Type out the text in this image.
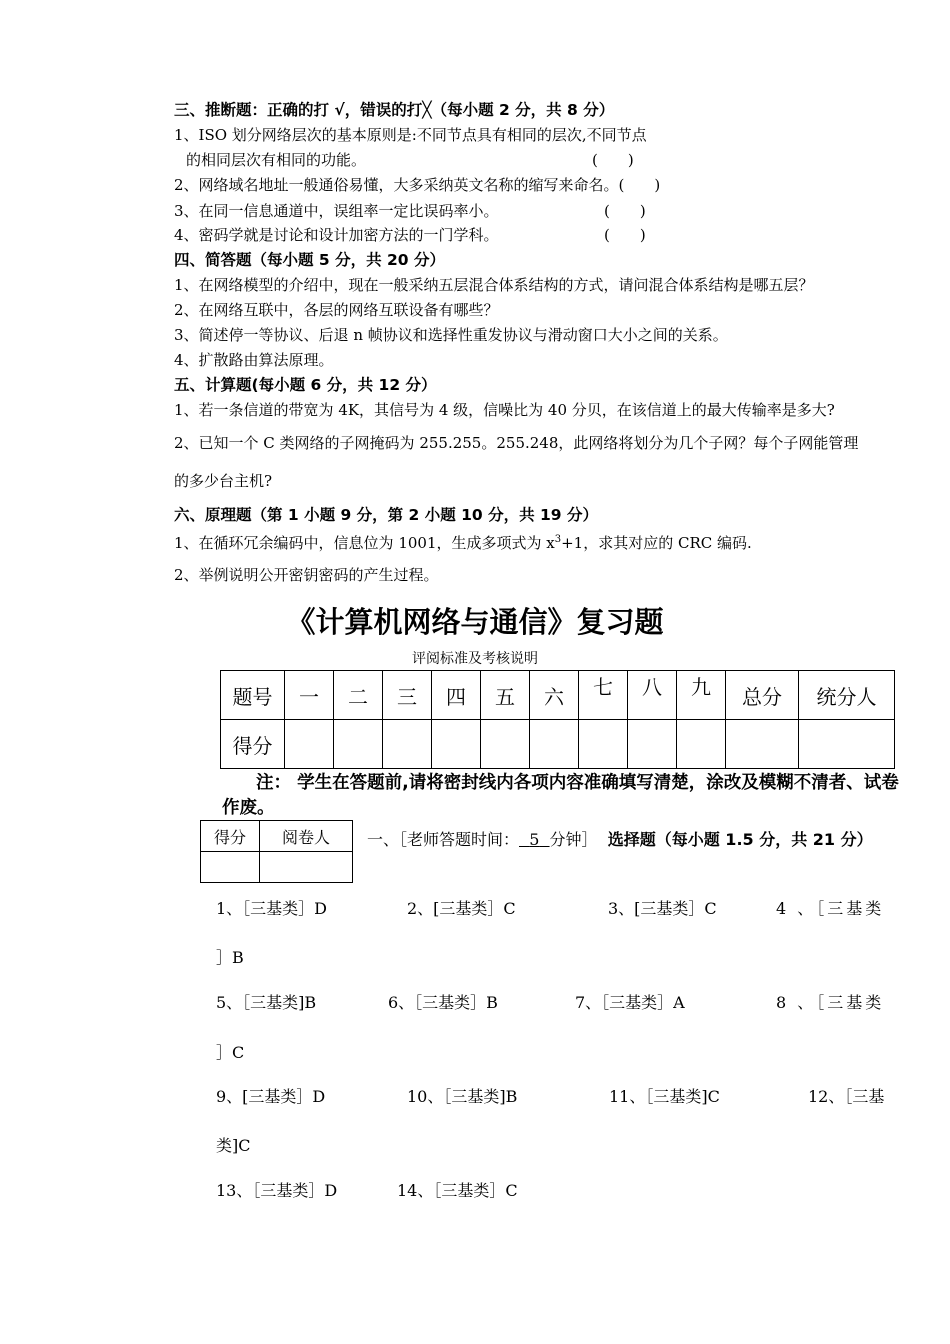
三、推断题：正确的打 √，错误的打╳（每小题 2 分，共 8 分）
1、ISO 划分网络层次的基本原则是:不同节点具有相同的层次,不同节点
的相同层次有相同的功能。	(　　)
2、网络域名地址一般通俗易懂，大多采纳英文名称的缩写来命名。(　　)
3、在同一信息通道中，误组率一定比误码率小。	(　　)
4、密码学就是讨论和设计加密方法的一门学科。	(　　)
四、简答题（每小题 5 分，共 20 分）
1、在网络模型的介绍中，现在一般采纳五层混合体系结构的方式，请问混合体系结构是哪五层？
2、在网络互联中，各层的网络互联设备有哪些？
3、简述停一等协议、后退 n 帧协议和选择性重发协议与滑动窗口大小之间的关系。
4、扩散路由算法原理。
五、计算题(每小题 6 分，共 12 分）
1、若一条信道的带宽为 4K，其信号为 4 级，信噪比为 40 分贝，在该信道上的最大传输率是多大?
2、已知一个 C 类网络的子网掩码为 255.255。255.248，此网络将划分为几个子网？每个子网能管理
的多少台主机?
六、原理题（第 1 小题 9 分，第 2 小题 10 分，共 19 分）
1、在循环冗余编码中，信息位为 1001，生成多项式为 $x^3+1$，求其对应的 CRC 编码.
2、举例说明公开密钥密码的产生过程。
《计算机网络与通信》复习题
评阅标准及考核说明
题号	一	二	三	四	五	六	七	八	九	总分	统分人
得分											
注： 学生在答题前,请将密封线内各项内容准确填写清楚，涂改及模糊不清者、试卷作废。
得分	阅卷人
	一、［老师答题时间： 5 分钟］ 选择题（每小题 1.5 分，共 21 分）
1、［三基类］D	2、[三基类］C	3、[三基类］C	4 、［三基类
］B
5、［三基类]B	6、［三基类］B	7、［三基类］A	8 、［三基类
］C
9、[三基类］D	10、［三基类]B	11、［三基类]C	12、［三基
类]C
13、［三基类］D	14、［三基类］C
